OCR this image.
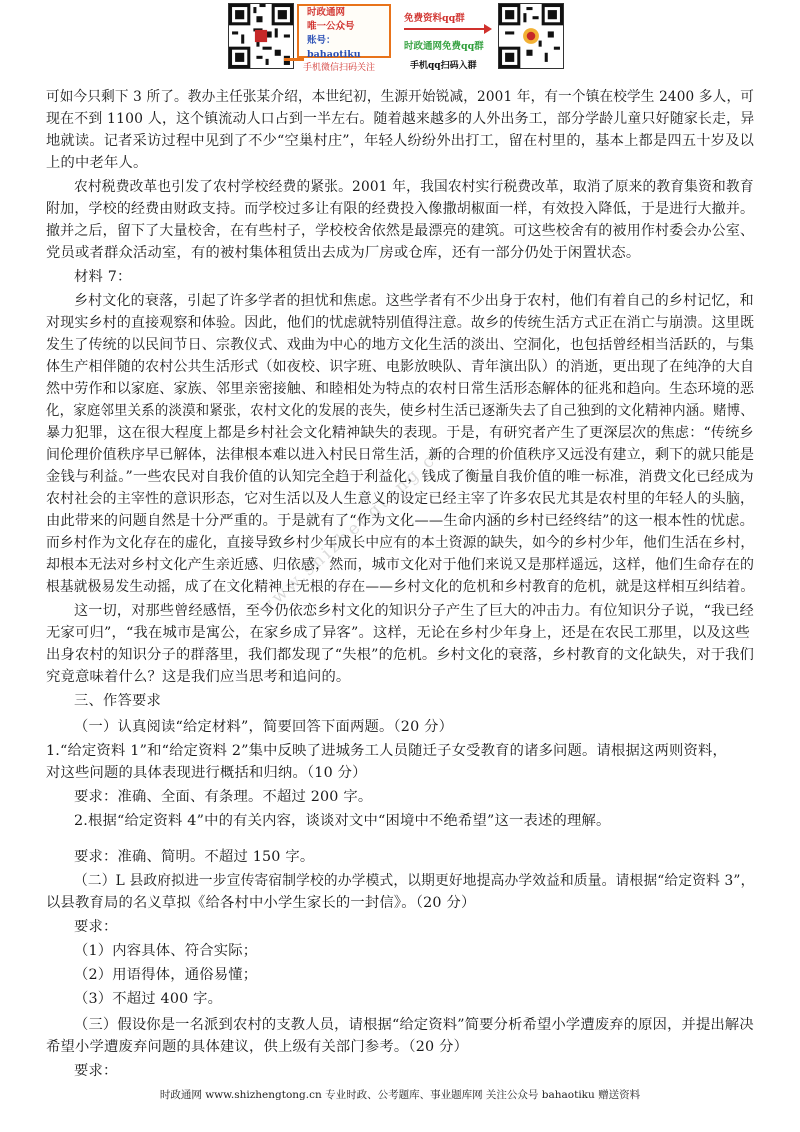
时政通网
唯一公众号
账号：bahaotiku
手机微信扫码关注
免费资料qq群
时政通网免费qq群
手机qq扫码入群
www.shizhengtong.cn
可如今只剩下 3 所了。教办主任张某介绍，本世纪初，生源开始锐减，2001 年，有一个镇在校学生 2400 多人，可
现在不到 1100 人，这个镇流动人口占到一半左右。随着越来越多的人外出务工，部分学龄儿童只好随家长走，异
地就读。记者采访过程中见到了不少“空巢村庄”，年轻人纷纷外出打工，留在村里的，基本上都是四五十岁及以
上的中老年人。
农村税费改革也引发了农村学校经费的紧张。2001 年，我国农村实行税费改革，取消了原来的教育集资和教育
附加，学校的经费由财政支持。而学校过多让有限的经费投入像撒胡椒面一样，有效投入降低，于是进行大撤并。
撤并之后，留下了大量校舍，在有些村子，学校校舍依然是最漂亮的建筑。可这些校舍有的被用作村委会办公室、
党员或者群众活动室，有的被村集体租赁出去成为厂房或仓库，还有一部分仍处于闲置状态。
材料 7：
乡村文化的衰落，引起了许多学者的担忧和焦虑。这些学者有不少出身于农村，他们有着自己的乡村记忆，和
对现实乡村的直接观察和体验。因此，他们的忧虑就特别值得注意。故乡的传统生活方式正在消亡与崩溃。这里既
发生了传统的以民间节日、宗教仪式、戏曲为中心的地方文化生活的淡出、空洞化，也包括曾经相当活跃的，与集
体生产相伴随的农村公共生活形式（如夜校、识字班、电影放映队、青年演出队）的消逝，更出现了在纯净的大自
然中劳作和以家庭、家族、邻里亲密接触、和睦相处为特点的农村日常生活形态解体的征兆和趋向。生态环境的恶
化，家庭邻里关系的淡漠和紧张，农村文化的发展的丧失，使乡村生活已逐渐失去了自己独到的文化精神内涵。赌博、
暴力犯罪，这在很大程度上都是乡村社会文化精神缺失的表现。于是，有研究者产生了更深层次的焦虑：“传统乡
间伦理价值秩序早已解体，法律根本难以进入村民日常生活，新的合理的价值秩序又远没有建立，剩下的就只能是
金钱与利益。”一些农民对自我价值的认知完全趋于利益化，钱成了衡量自我价值的唯一标准，消费文化已经成为
农村社会的主宰性的意识形态，它对生活以及人生意义的设定已经主宰了许多农民尤其是农村里的年轻人的头脑，
由此带来的问题自然是十分严重的。于是就有了“作为文化——生命内涵的乡村已经终结”的这一根本性的忧虑。
而乡村作为文化存在的虚化，直接导致乡村少年成长中应有的本土资源的缺失，如今的乡村少年，他们生活在乡村，
却根本无法对乡村文化产生亲近感、归依感，然而，城市文化对于他们来说又是那样遥远，这样，他们生命存在的
根基就极易发生动摇，成了在文化精神上无根的存在——乡村文化的危机和乡村教育的危机，就是这样相互纠结着。
这一切，对那些曾经感悟，至今仍依恋乡村文化的知识分子产生了巨大的冲击力。有位知识分子说，“我已经
无家可归”，“我在城市是寓公，在家乡成了异客”。这样，无论在乡村少年身上，还是在农民工那里，以及这些
出身农村的知识分子的群落里，我们都发现了“失根”的危机。乡村文化的衰落，乡村教育的文化缺失，对于我们
究竟意味着什么？这是我们应当思考和追问的。
三、作答要求
（一）认真阅读“给定材料”，简要回答下面两题。（20 分）
1.“给定资料 1”和“给定资料 2”集中反映了进城务工人员随迁子女受教育的诸多问题。请根据这两则资料，
对这些问题的具体表现进行概括和归纳。（10 分）
要求：准确、全面、有条理。不超过 200 字。
2.根据“给定资料 4”中的有关内容，谈谈对文中“困境中不绝希望”这一表述的理解。
要求：准确、简明。不超过 150 字。
（二）L 县政府拟进一步宣传寄宿制学校的办学模式，以期更好地提高办学效益和质量。请根据“给定资料 3”，
以县教育局的名义草拟《给各村中小学生家长的一封信》。（20 分）
要求：
（1）内容具体、符合实际；
（2）用语得体，通俗易懂；
（3）不超过 400 字。
（三）假设你是一名派到农村的支教人员，请根据“给定资料”简要分析希望小学遭废弃的原因，并提出解决
希望小学遭废弃问题的具体建议，供上级有关部门参考。（20 分）
要求：
时政通网 www.shizhengtong.cn 专业时政、公考题库、事业题库网 关注公众号 bahaotiku 赠送资料
